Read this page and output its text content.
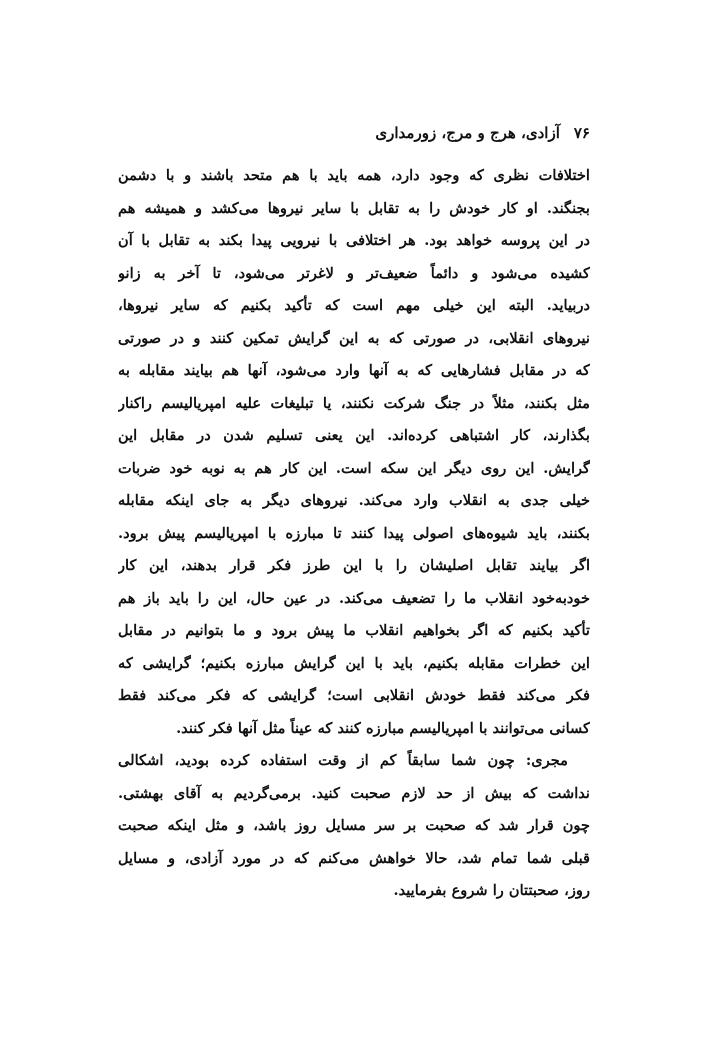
۷۶
آزادی، هرج و مرج، زورمداری
اختلافات نظری که وجود دارد، همه باید با هم متحد باشند و با دشمن
بجنگند. او کار خودش را به تقابل با سایر نیروها می‌کشد و همیشه هم
در این پروسه خواهد بود. هر اختلافی با نیرویی پیدا بکند به تقابل با آن
کشیده می‌شود و دائماً ضعیف‌تر و لاغرتر می‌شود، تا آخر به زانو
دربیاید. البته این خیلی مهم است که تأکید بکنیم که سایر نیروها،
نیروهای انقلابی، در صورتی که به این گرایش تمکین کنند و در صورتی
که در مقابل فشارهایی که به آنها وارد می‌شود، آنها هم بیایند مقابله به
مثل بکنند، مثلاً در جنگ شرکت نکنند، یا تبلیغات علیه امپریالیسم راکنار
بگذارند، کار اشتباهی کرده‌اند. این یعنی تسلیم شدن در مقابل این
گرایش. این روی دیگر این سکه است. این کار هم به نوبه خود ضربات
خیلی جدی به انقلاب وارد می‌کند. نیروهای دیگر به جای اینکه مقابله
بکنند، باید شیوه‌های اصولی پیدا کنند تا مبارزه با امپریالیسم پیش برود.
اگر بیایند تقابل اصلیشان را با این طرز فکر قرار بدهند، این کار
خودبه‌خود انقلاب ما را تضعیف می‌کند. در عین حال، این را باید باز هم
تأکید بکنیم که اگر بخواهیم انقلاب ما پیش برود و ما بتوانیم در مقابل
این خطرات مقابله بکنیم، باید با این گرایش مبارزه بکنیم؛ گرایشی که
فکر می‌کند فقط خودش انقلابی است؛ گرایشی که فکر می‌کند فقط
کسانی می‌توانند با امپریالیسم مبارزه کنند که عیناً مثل آنها فکر کنند.
مجری: چون شما سابقاً کم از وقت استفاده کرده بودید، اشکالی
نداشت که بیش از حد لازم صحبت کنید. برمی‌گردیم به آقای بهشتی.
چون قرار شد که صحبت بر سر مسایل روز باشد، و مثل اینکه صحبت
قبلی شما تمام شد، حالا خواهش می‌کنم که در مورد آزادی، و مسایل
روز، صحبتتان را شروع بفرمایید.
